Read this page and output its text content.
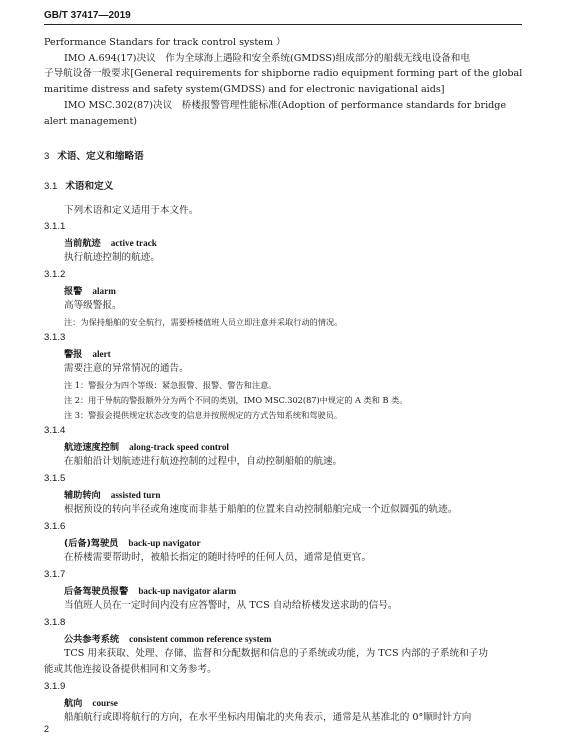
GB/T 37417—2019
Performance Standars for track control system ）
IMO A.694(17)决议　作为全球海上遇险和安全系统(GMDSS)组成部分的船载无线电设备和电
子导航设备一般要求[General requirements for shipborne radio equipment forming part of the global
maritime distress and safety system(GMDSS) and for electronic navigational aids]
IMO MSC.302(87)决议　桥楼报警管理性能标准(Adoption of performance standards for bridge
alert management)
3 术语、定义和缩略语
3.1 术语和定义
下列术语和定义适用于本文件。
3.1.1
当前航迹 active track
执行航迹控制的航迹。
3.1.2
报警 alarm
高等级警报。
注：为保持船舶的安全航行，需要桥楼值班人员立即注意并采取行动的情况。
3.1.3
警报 alert
需要注意的异常情况的通告。
注 1：警报分为四个等级：紧急报警、报警、警告和注意。
注 2：用于导航的警报额外分为两个不同的类别，IMO MSC.302(87)中规定的 A 类和 B 类。
注 3：警报会提供规定状态改变的信息并按照规定的方式告知系统和驾驶员。
3.1.4
航迹速度控制 along-track speed control
在船舶沿计划航迹进行航迹控制的过程中，自动控制船舶的航速。
3.1.5
辅助转向 assisted turn
根据预设的转向半径或角速度而非基于船舶的位置来自动控制船舶完成一个近似圆弧的轨迹。
3.1.6
(后备)驾驶员 back-up navigator
在桥楼需要帮助时，被船长指定的随时待呼的任何人员，通常是值更官。
3.1.7
后备驾驶员报警 back-up navigator alarm
当值班人员在一定时间内没有应答警时，从 TCS 自动给桥楼发送求助的信号。
3.1.8
公共参考系统 consistent common reference system
TCS 用来获取、处理、存储、监督和分配数据和信息的子系统或功能，为 TCS 内部的子系统和子功
能或其他连接设备提供相同和文务参考。
3.1.9
航向 course
船舶航行或即将航行的方向，在水平坐标内用偏北的夹角表示，通常是从基准北的 0°顺时针方向
2
